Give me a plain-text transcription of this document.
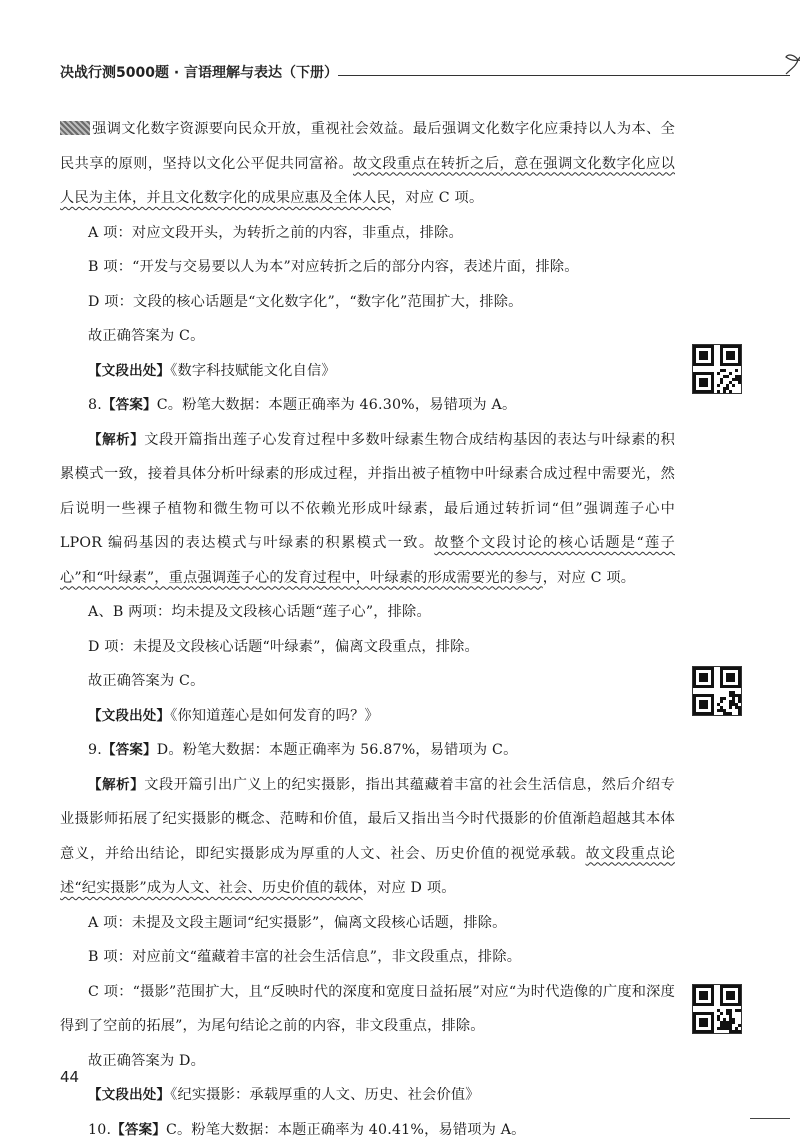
决战行测5000题 · 言语理解与表达（下册）

强调文化数字资源要向民众开放，重视社会效益。最后强调文化数字化应秉持以人为本、全民共享的原则，坚持以文化公平促共同富裕。故文段重点在转折之后，意在强调文化数字化应以人民为主体，并且文化数字化的成果应惠及全体人民，对应 C 项。

A 项：对应文段开头，为转折之前的内容，非重点，排除。

B 项：“开发与交易要以人为本”对应转折之后的部分内容，表述片面，排除。

D 项：文段的核心话题是“文化数字化”，“数字化”范围扩大，排除。

故正确答案为 C。

【文段出处】《数字科技赋能文化自信》

8.【答案】C。粉笔大数据：本题正确率为 46.30%，易错项为 A。

【解析】文段开篇指出莲子心发育过程中多数叶绿素生物合成结构基因的表达与叶绿素的积累模式一致，接着具体分析叶绿素的形成过程，并指出被子植物中叶绿素合成过程中需要光，然后说明一些裸子植物和微生物可以不依赖光形成叶绿素，最后通过转折词“但”强调莲子心中 LPOR 编码基因的表达模式与叶绿素的积累模式一致。故整个文段讨论的核心话题是“莲子心”和“叶绿素”，重点强调莲子心的发育过程中，叶绿素的形成需要光的参与，对应 C 项。

A、B 两项：均未提及文段核心话题“莲子心”，排除。

D 项：未提及文段核心话题“叶绿素”，偏离文段重点，排除。

故正确答案为 C。

【文段出处】《你知道莲心是如何发育的吗？》

9.【答案】D。粉笔大数据：本题正确率为 56.87%，易错项为 C。

【解析】文段开篇引出广义上的纪实摄影，指出其蕴藏着丰富的社会生活信息，然后介绍专业摄影师拓展了纪实摄影的概念、范畴和价值，最后又指出当今时代摄影的价值渐趋超越其本体意义，并给出结论，即纪实摄影成为厚重的人文、社会、历史价值的视觉承载。故文段重点论述“纪实摄影”成为人文、社会、历史价值的载体，对应 D 项。

A 项：未提及文段主题词“纪实摄影”，偏离文段核心话题，排除。

B 项：对应前文“蕴藏着丰富的社会生活信息”，非文段重点，排除。

C 项：“摄影”范围扩大，且“反映时代的深度和宽度日益拓展”对应“为时代造像的广度和深度得到了空前的拓展”，为尾句结论之前的内容，非文段重点，排除。

故正确答案为 D。

【文段出处】《纪实摄影：承载厚重的人文、历史、社会价值》

10.【答案】C。粉笔大数据：本题正确率为 40.41%，易错项为 A。

44
